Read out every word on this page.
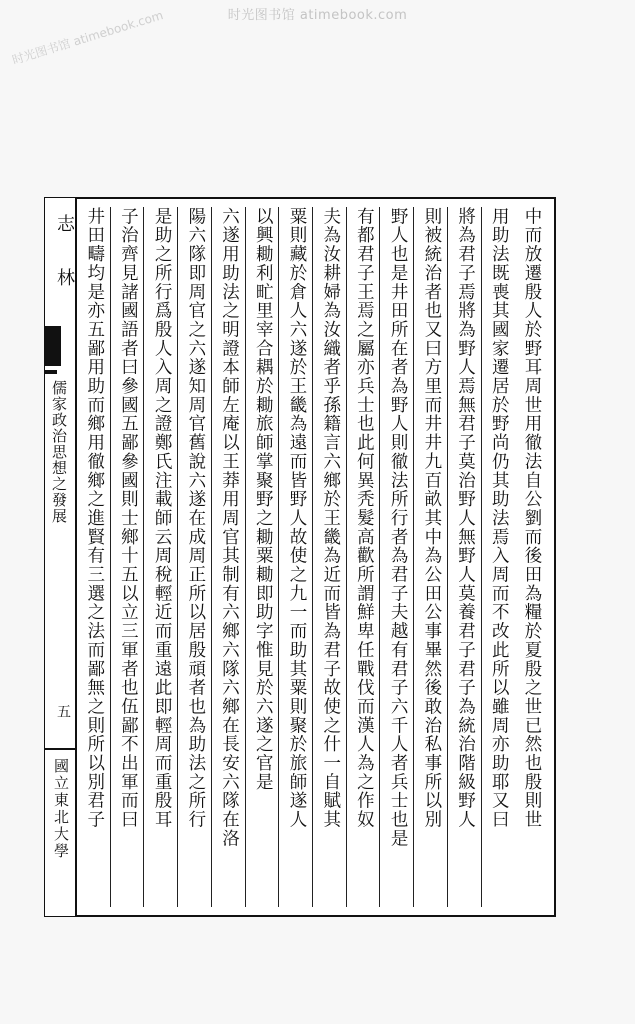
时光图书馆 atimebook.com
时光图书馆 atimebook.com
中而放遷殷人於野耳周世用徹法自公劉而後田為糧於夏殷之世已然也殷則世
用助法既喪其國家遷居於野尚仍其助法焉入周而不改此所以雖周亦助耶又曰
將為君子焉將為野人焉無君子莫治野人無野人莫養君子君子為統治階級野人
則被統治者也又曰方里而井井九百畝其中為公田公事畢然後敢治私事所以別
野人也是井田所在者為野人則徹法所行者為君子夫越有君子六千人者兵士也是
有都君子王焉之屬亦兵士也此何異秃髮高歡所謂鮮卑任戰伐而漢人為之作奴
夫為汝耕婦為汝織者乎孫籍言六鄉於王畿為近而皆為君子故使之什一自賦其
粟則藏於倉人六遂於王畿為遠而皆野人故使之九一而助其粟則聚於旅師遂人
以興耡利甿里宰合耦於耡旅師掌聚野之耡粟耡即助字惟見於六遂之官是
六遂用助法之明證本師左庵以王莽用周官其制有六鄉六隊六鄉在長安六隊在洛
陽六隊即周官之六遂知周官舊說六遂在成周正所以居殷頑者也為助法之所行
是助之所行爲殷人入周之證鄭氏注載師云周稅輕近而重遠此即輕周而重殷耳
子治齊見諸國語者曰參國五鄙參國則士鄉十五以立三軍者也伍鄙不出軍而曰
井田疇均是亦五鄙用助而鄉用徹鄉之進賢有三選之法而鄙無之則所以別君子
志
林
儒家政治思想之發展
五
國立東北大學
